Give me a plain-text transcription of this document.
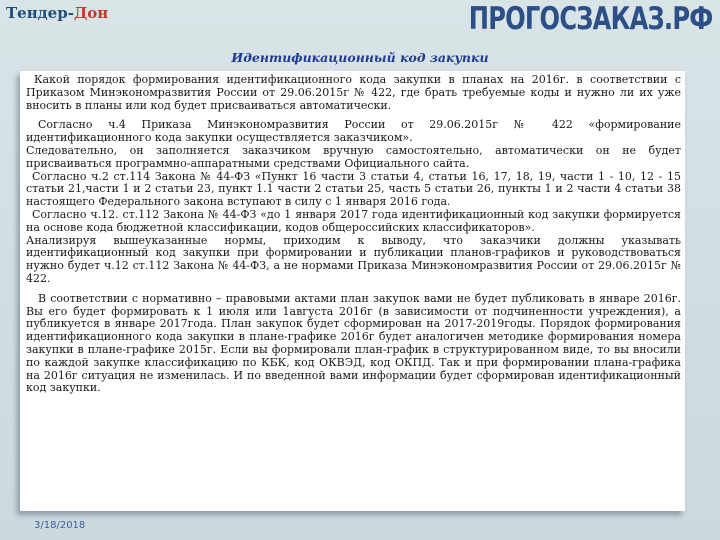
Тендер-Дон	ПРОГОСЗАКАЗ.РФ
Идентификационный код закупки

Какой порядок формирования идентификационного кода закупки в планах на 2016г. в соответствии с Приказом Минэкономразвития России от 29.06.2015г № 422, где брать требуемые коды и нужно ли их уже вносить в планы или код будет присваиваться автоматически.

Согласно ч.4 Приказа Минэкономразвития России от 29.06.2015г № 422 «формирование идентификационного кода закупки осуществляется заказчиком».

Следовательно, он заполняется заказчиком вручную самостоятельно, автоматически он не будет присваиваться программно-аппаратными средствами Официального сайта.

Согласно ч.2 ст.114 Закона № 44-ФЗ «Пункт 16 части 3 статьи 4, статьи 16, 17, 18, 19, части 1 - 10, 12 - 15 статьи 21,части 1 и 2 статьи 23, пункт 1.1 части 2 статьи 25, часть 5 статьи 26, пункты 1 и 2 части 4 статьи 38 настоящего Федерального закона вступают в силу с 1 января 2016 года.

Согласно ч.12. ст.112 Закона № 44-ФЗ «до 1 января 2017 года идентификационный код закупки формируется на основе кода бюджетной классификации, кодов общероссийских классификаторов».

Анализируя вышеуказанные нормы, приходим к выводу, что заказчики должны указывать идентификационный код закупки при формировании и публикации планов-графиков и руководствоваться нужно будет ч.12 ст.112 Закона № 44-ФЗ, а не нормами Приказа Минэкономразвития России от 29.06.2015г № 422.

В соответствии с нормативно – правовыми актами план закупок вами не будет публиковать в январе 2016г. Вы его будет формировать к 1 июля или 1августа 2016г (в зависимости от подчиненности учреждения), а публикуется в январе 2017года. План закупок будет сформирован на 2017-2019годы. Порядок формирования идентификационного кода закупки в плане-графике 2016г будет аналогичен методике формирования номера закупки в плане-графике 2015г. Если вы формировали план-график в структурированном виде, то вы вносили по каждой закупке классификацию по КБК, код ОКВЭД, код ОКПД. Так и при формировании плана-графика на 2016г ситуация не изменилась. И по введенной вами информации будет сформирован идентификационный код закупки.

3/18/2018
